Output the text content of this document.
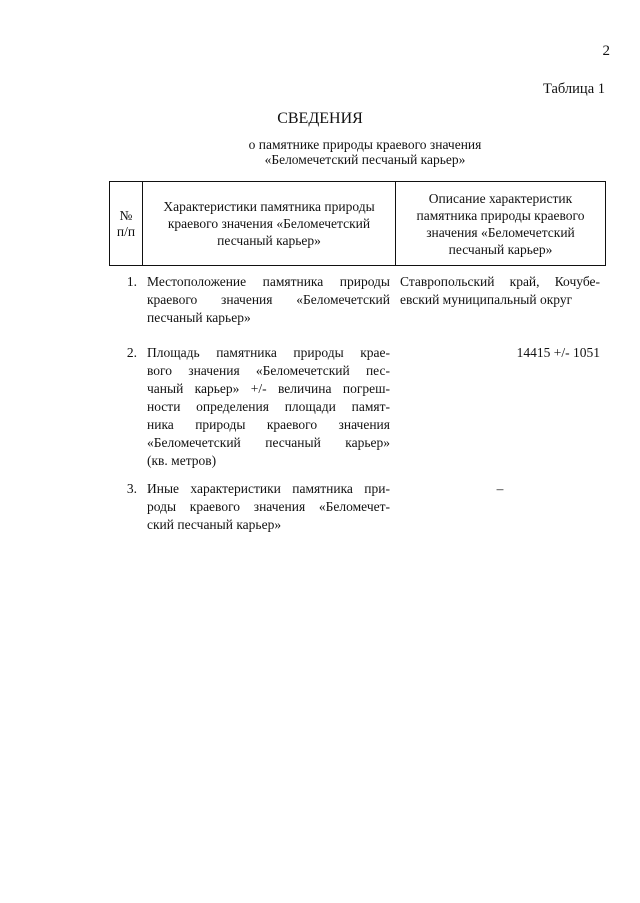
2
Таблица 1
СВЕДЕНИЯ
о памятнике природы краевого значения
«Беломечетский песчаный карьер»
№
п/п
Характеристики памятника природы
краевого значения «Беломечетский
песчаный карьер»
Описание характеристик
памятника природы краевого
значения «Беломечетский
песчаный карьер»
1. Местоположение памятника природы
краевого значения «Беломечетский
песчаный карьер»
Ставропольский край, Кочубе-
евский муниципальный округ
2. Площадь памятника природы крае-
вого значения «Беломечетский пес-
чаный карьер» +/- величина погреш-
ности определения площади памят-
ника природы краевого значения
«Беломечетский песчаный карьер»
(кв. метров)
14415 +/- 1051
3. Иные характеристики памятника при-
роды краевого значения «Беломечет-
ский песчаный карьер»
–
